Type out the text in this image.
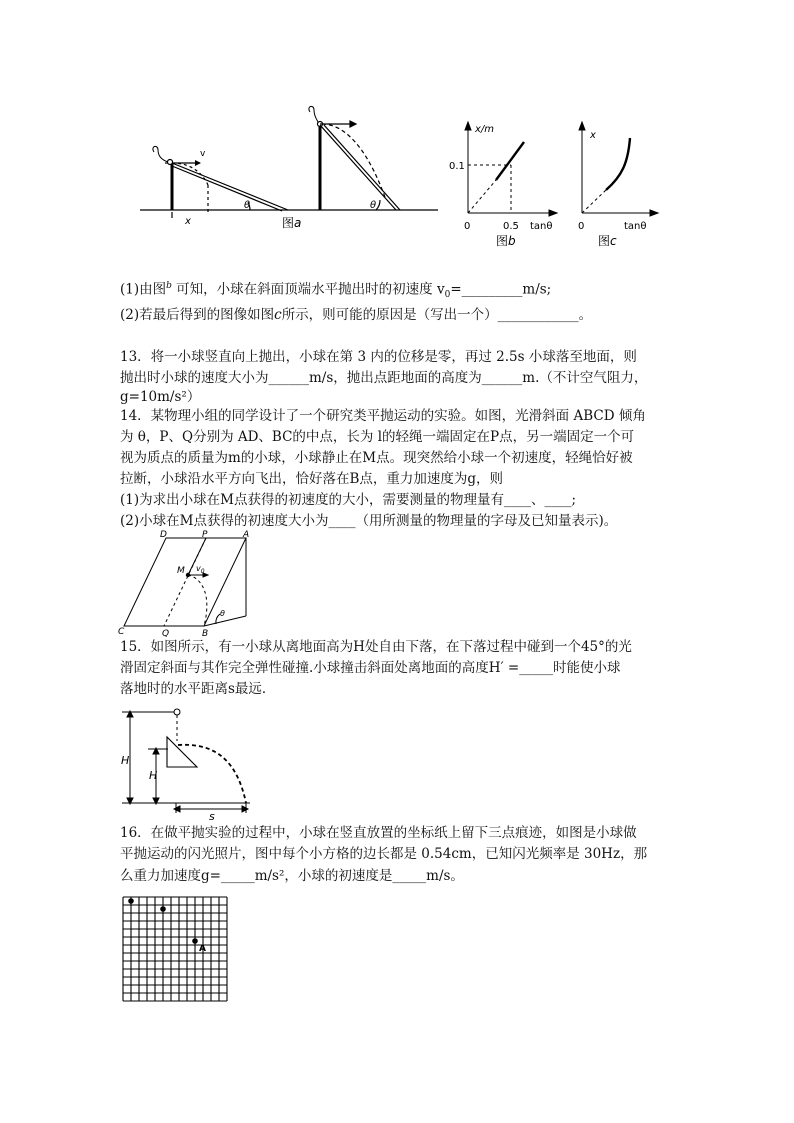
v
x
θ	θ
图a
x/m
0.1
0	0.5 tanθ
图b
x
0	tanθ
图c
(1)由图$^b$ 可知，小球在斜面顶端水平抛出时的初速度 $v_0=\_\_\_\_\_\_\_\_\_m/s$;
(2)若最后得到的图像如图c所示，则可能的原因是（写出一个）____________。
13．将一小球竖直向上抛出，小球在第 3 内的位移是零，再过 2.5s 小球落至地面，则
抛出时小球的速度大小为______m/s，抛出点距地面的高度为______m.（不计空气阻力，
g=10m/s²）
14．某物理小组的同学设计了一个研究类平抛运动的实验。如图，光滑斜面 ABCD 倾角
为 θ，P、Q分别为 AD、BC的中点，长为 l的轻绳一端固定在P点，另一端固定一个可
视为质点的质量为m的小球，小球静止在M点。现突然给小球一个初速度，轻绳恰好被
拉断，小球沿水平方向飞出，恰好落在B点，重力加速度为g，则
(1)为求出小球在M点获得的初速度的大小，需要测量的物理量有____、____;
(2)小球在M点获得的初速度大小为____（用所测量的物理量的字母及已知量表示)。
D	P	A
M $v_0$
C	Q	B
θ
15．如图所示，有一小球从离地面高为H处自由下落，在下落过程中碰到一个45°的光
滑固定斜面与其作完全弹性碰撞.小球撞击斜面处离地面的高度H′ =_____时能使小球
落地时的水平距离s最远．
H
H
s
16．在做平抛实验的过程中，小球在竖直放置的坐标纸上留下三点痕迹，如图是小球做
平抛运动的闪光照片，图中每个小方格的边长都是 0.54cm，已知闪光频率是 30Hz，那
么重力加速度g=_____m/s²，小球的初速度是_____m/s。
A
